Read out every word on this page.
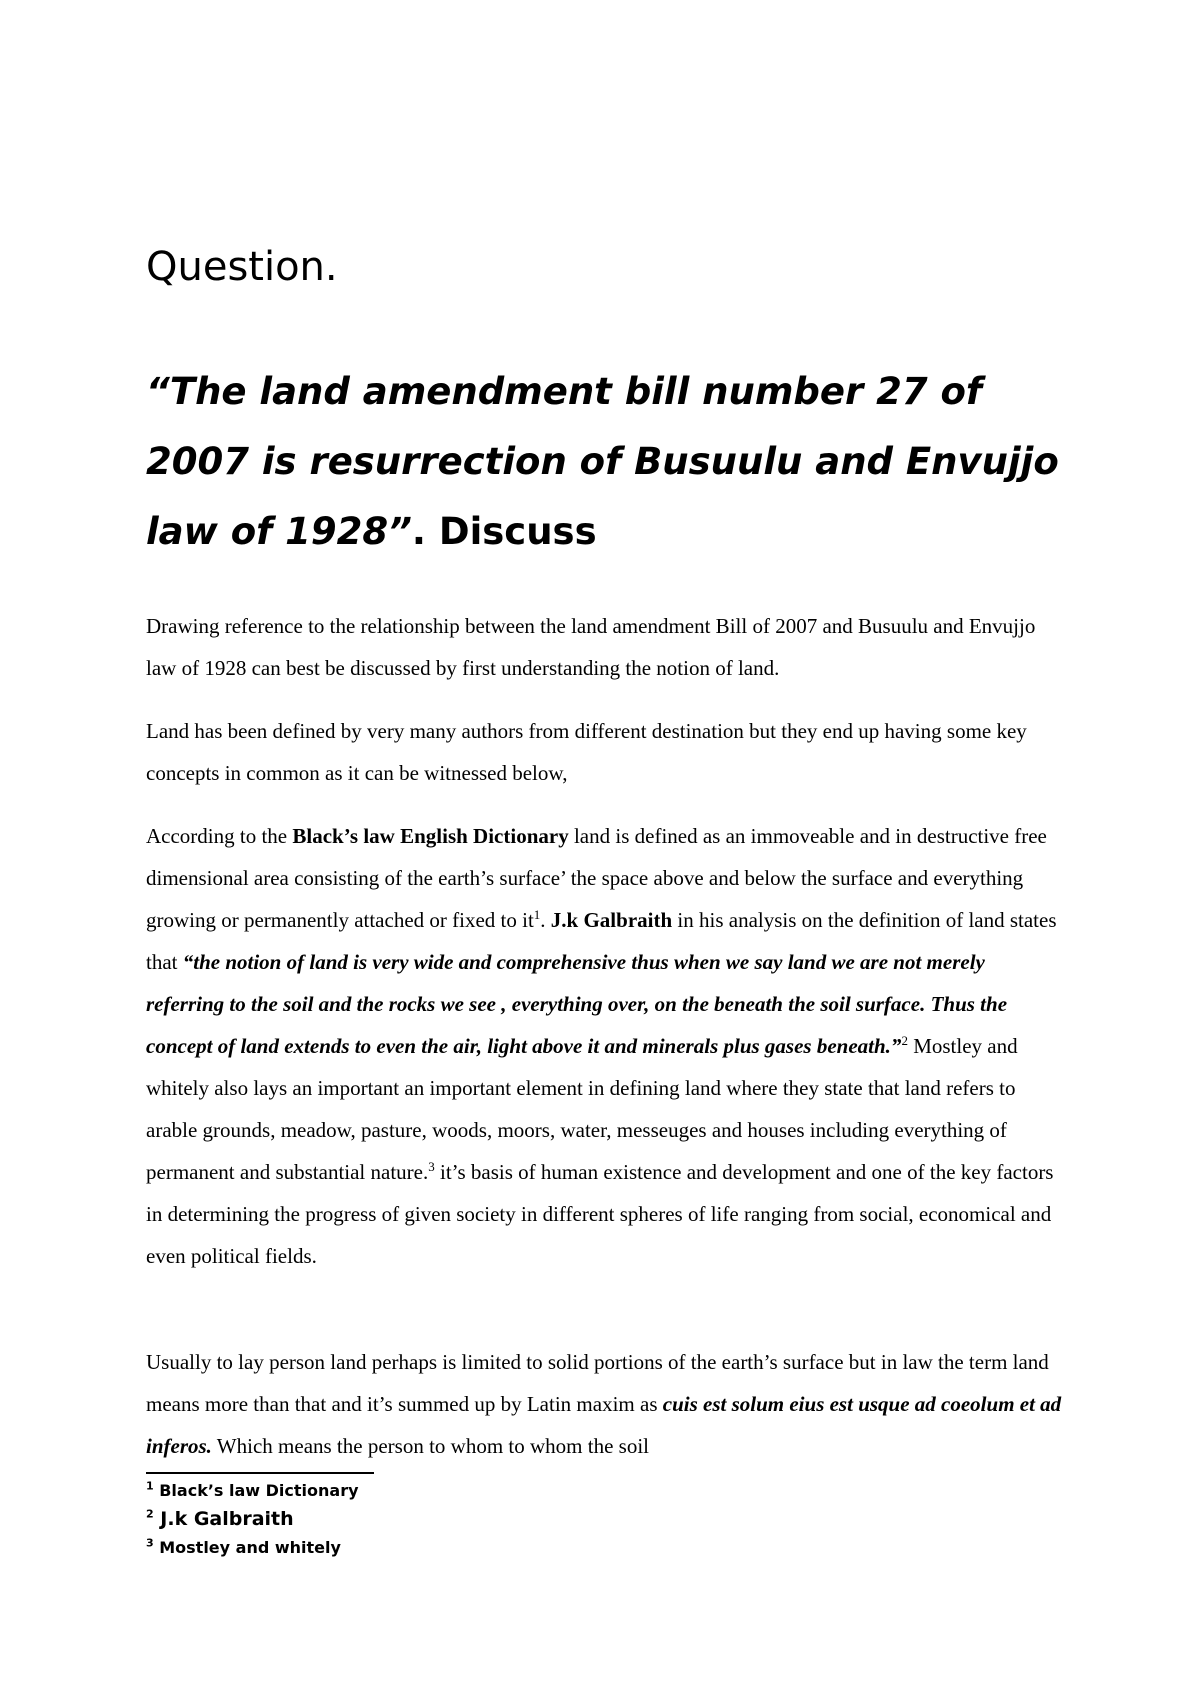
Question.
“The land amendment bill number 27 of 2007 is resurrection of Busuulu and Envujjo law of 1928”. Discuss

Drawing reference to the relationship between the land amendment Bill of 2007 and Busuulu and Envujjo law of 1928 can best be discussed by first understanding the notion of land.

Land has been defined by very many authors from different destination but they end up having some key concepts in common as it can be witnessed below,

According to the Black’s law English Dictionary land is defined as an immoveable and in destructive free dimensional area consisting of the earth’s surface’ the space above and below the surface and everything growing or permanently attached or fixed to $it^1$. J.k Galbraith in his analysis on the definition of land states that “the notion of land is very wide and comprehensive thus when we say land we are not merely referring to the soil and the rocks we see , everything over, on the beneath the soil surface. Thus the concept of land extends to even the air, light above it and minerals plus gases beneath.”$^2$ Mostley and whitely also lays an important an important element in defining land where they state that land refers to arable grounds, meadow, pasture, woods, moors, water, messeuges and houses including everything of permanent and substantial nature.$^3$ it’s basis of human existence and development and one of the key factors in determining the progress of given society in different spheres of life ranging from social, economical and even political fields.

Usually to lay person land perhaps is limited to solid portions of the earth’s surface but in law the term land means more than that and it’s summed up by Latin maxim as cuis est solum eius est usque ad coeolum et ad inferos. Which means the person to whom to whom the soil

$^1$ Black’s law Dictionary
$^2$ J.k Galbraith
$^3$ Mostley and whitely
